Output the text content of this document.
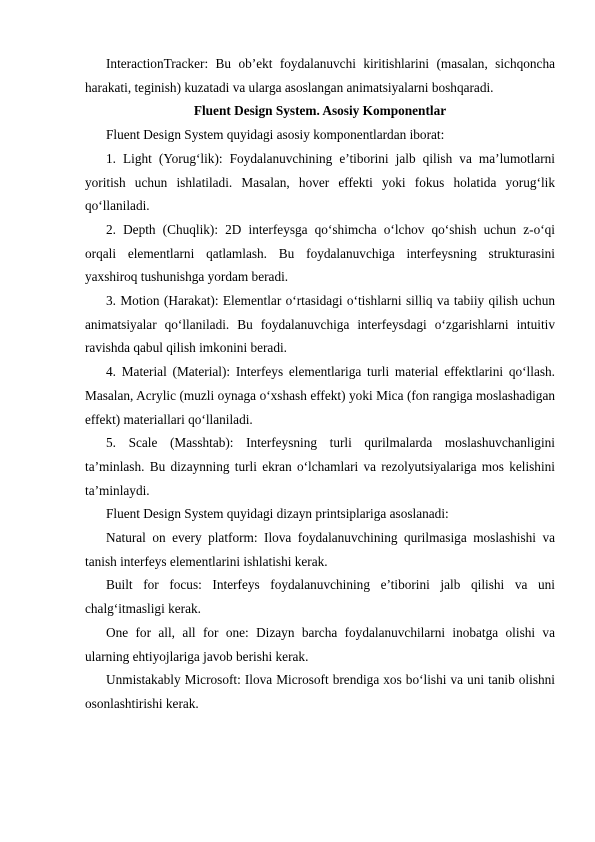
InteractionTracker: Bu ob’ekt foydalanuvchi kiritishlarini (masalan, sichqoncha harakati, teginish) kuzatadi va ularga asoslangan animatsiyalarni boshqaradi.

Fluent Design System. Asosiy Komponentlar

Fluent Design System quyidagi asosiy komponentlardan iborat:

1. Light (Yorug‘lik): Foydalanuvchining e’tiborini jalb qilish va ma’lumotlarni yoritish uchun ishlatiladi. Masalan, hover effekti yoki fokus holatida yorug‘lik qo‘llaniladi.

2. Depth (Chuqlik): 2D interfeysga qo‘shimcha o‘lchov qo‘shish uchun z-o‘qi orqali elementlarni qatlamlash. Bu foydalanuvchiga interfeysning strukturasini yaxshiroq tushunishga yordam beradi.

3. Motion (Harakat): Elementlar o‘rtasidagi o‘tishlarni silliq va tabiiy qilish uchun animatsiyalar qo‘llaniladi. Bu foydalanuvchiga interfeysdagi o‘zgarishlarni intuitiv ravishda qabul qilish imkonini beradi.

4. Material (Material): Interfeys elementlariga turli material effektlarini qo‘llash. Masalan, Acrylic (muzli oynaga o‘xshash effekt) yoki Mica (fon rangiga moslashadigan effekt) materiallari qo‘llaniladi.

5. Scale (Masshtab): Interfeysning turli qurilmalarda moslashuvchanligini ta’minlash. Bu dizaynning turli ekran o‘lchamlari va rezolyutsiyalariga mos kelishini ta’minlaydi.

Fluent Design System quyidagi dizayn printsiplariga asoslanadi:

Natural on every platform: Ilova foydalanuvchining qurilmasiga moslashishi va tanish interfeys elementlarini ishlatishi kerak.

Built for focus: Interfeys foydalanuvchining e’tiborini jalb qilishi va uni chalg‘itmasligi kerak.

One for all, all for one: Dizayn barcha foydalanuvchilarni inobatga olishi va ularning ehtiyojlariga javob berishi kerak.

Unmistakably Microsoft: Ilova Microsoft brendiga xos bo‘lishi va uni tanib olishni osonlashtirishi kerak.
